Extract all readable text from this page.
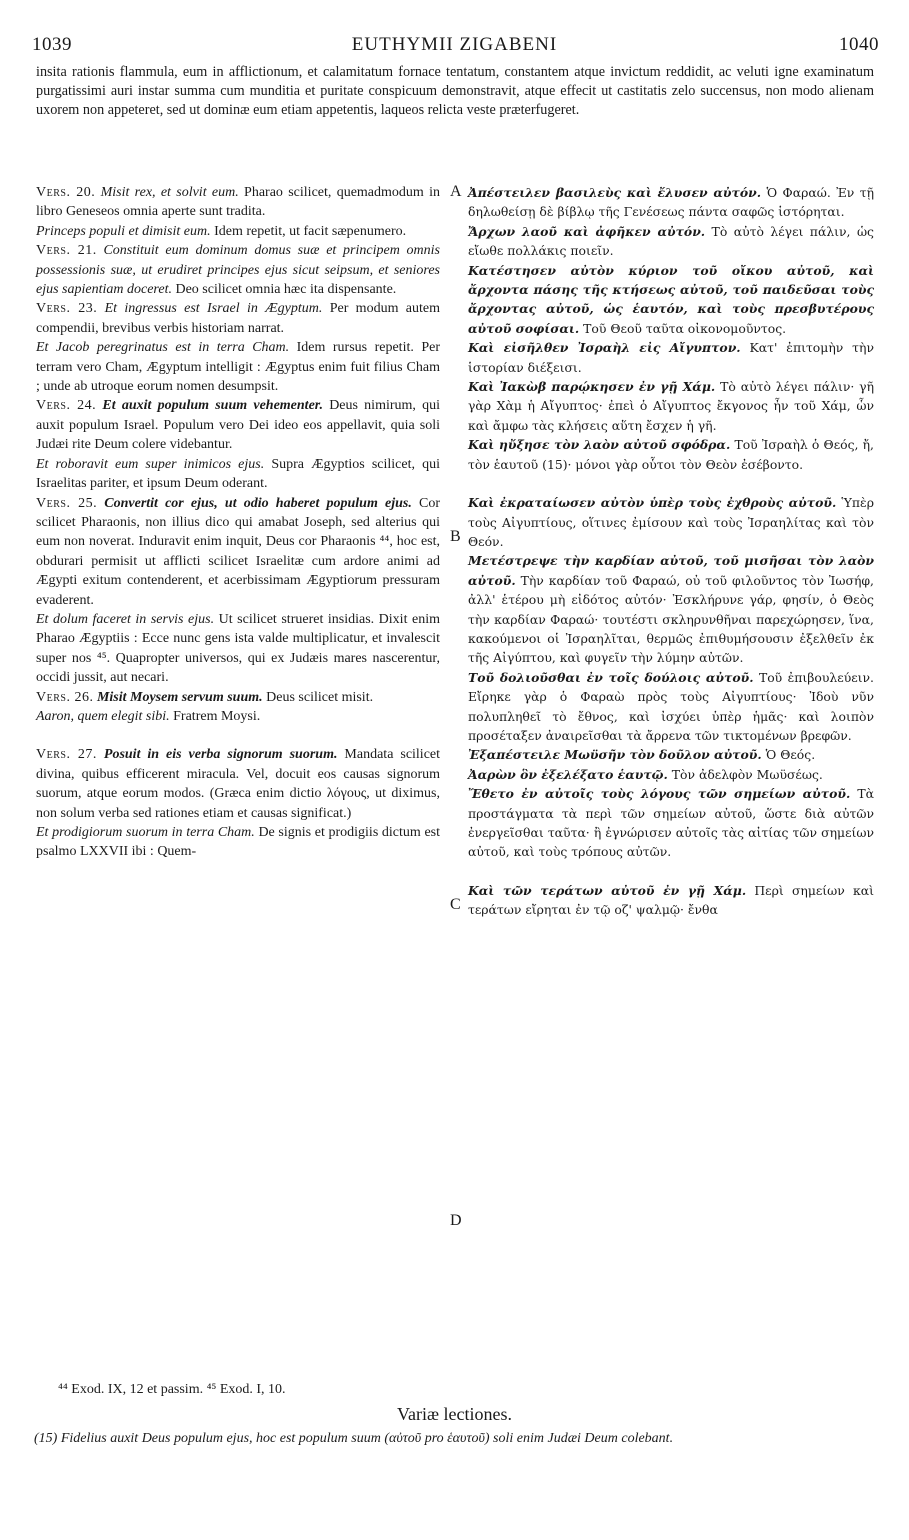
1039	EUTHYMII ZIGABENI	1040

insita rationis flammula, eum in afflictionum, et calamitatum fornace tentatum, constantem atque invictum reddidit, ac veluti igne examinatum purgatissimi auri instar summa cum munditia et puritate conspicuum demonstravit, atque effecit ut castitatis zelo succensus, non modo alienam uxorem non appeteret, sed ut dominæ eum etiam appetentis, laqueos relicta veste præterfugeret.

Vers. 20. Misit rex, et solvit eum. Pharao scilicet, quemadmodum in libro Geneseos omnia aperte sunt tradita.

Princeps populi et dimisit eum. Idem repetit, ut facit sæpenumero.

Vers. 21. Constituit eum dominum domus suæ et principem omnis possessionis suæ, ut erudiret principes ejus sicut seipsum, et seniores ejus sapientiam doceret. Deo scilicet omnia hæc ita dispensante.

Vers. 23. Et ingressus est Israel in Ægyptum. Per modum autem compendii, brevibus verbis historiam narrat.

Et Jacob peregrinatus est in terra Cham. Idem rursus repetit. Per terram vero Cham, Ægyptum intelligit : Ægyptus enim fuit filius Cham ; unde ab utroque eorum nomen desumpsit.

Vers. 24. Et auxit populum suum vehementer. Deus nimirum, qui auxit populum Israel. Populum vero Dei ideo eos appellavit, quia soli Judæi rite Deum colere videbantur.

Et roboravit eum super inimicos ejus. Supra Ægyptios scilicet, qui Israelitas pariter, et ipsum Deum oderant.

Vers. 25. Convertit cor ejus, ut odio haberet populum ejus. Cor scilicet Pharaonis, non illius dico qui amabat Joseph, sed alterius qui eum non noverat. Induravit enim inquit, Deus cor Pharaonis ⁴⁴, hoc est, obdurari permisit ut afflicti scilicet Israelitæ cum ardore animi ad Ægypti exitum contenderent, et acerbissimam Ægyptiorum pressuram evaderent.

Et dolum faceret in servis ejus. Ut scilicet strueret insidias. Dixit enim Pharao Ægyptiis : Ecce nunc gens ista valde multiplicatur, et invalescit super nos ⁴⁵. Quapropter universos, qui ex Judæis mares nascerentur, occidi jussit, aut necari.

Vers. 26. Misit Moysem servum suum. Deus scilicet misit.

Aaron, quem elegit sibi. Fratrem Moysi.

Vers. 27. Posuit in eis verba signorum suorum. Mandata scilicet divina, quibus efficerent miracula. Vel, docuit eos causas signorum suorum, atque eorum modos. (Græca enim dictio λόγους, ut diximus, non solum verba sed rationes etiam et causas significat.)

Et prodigiorum suorum in terra Cham. De signis et prodigiis dictum est psalmo LXXVII ibi : Quem-

Ἀπέστειλεν βασιλεὺς καὶ ἔλυσεν αὐτόν. Ὁ Φαραώ. Ἐν τῇ δηλωθείσῃ δὲ βίβλῳ τῆς Γενέσεως πάντα σαφῶς ἱστόρηται.

Ἄρχων λαοῦ καὶ ἀφῆκεν αὐτόν. Τὸ αὐτὸ λέγει πάλιν, ὡς εἴωθε πολλάκις ποιεῖν.

Κατέστησεν αὐτὸν κύριον τοῦ οἴκου αὐτοῦ, καὶ ἄρχοντα πάσης τῆς κτήσεως αὐτοῦ, τοῦ παιδεῦσαι τοὺς ἄρχοντας αὐτοῦ, ὡς ἑαυτόν, καὶ τοὺς πρεσβυτέρους αὐτοῦ σοφίσαι. Τοῦ Θεοῦ ταῦτα οἰκονομοῦντος.

Καὶ εἰσῆλθεν Ἰσραὴλ εἰς Αἴγυπτον. Κατ' ἐπιτομὴν τὴν ἱστορίαν διέξεισι.

Καὶ Ἰακὼβ παρῴκησεν ἐν γῇ Χάμ. Τὸ αὐτὸ λέγει πάλιν· γῆ γὰρ Χὰμ ἡ Αἴγυπτος· ἐπεὶ ὁ Αἴγυπτος ἔκγονος ἦν τοῦ Χάμ, ὧν καὶ ἄμφω τὰς κλήσεις αὕτη ἔσχεν ἡ γῆ.

Καὶ ηὔξησε τὸν λαὸν αὐτοῦ σφόδρα. Τοῦ Ἰσραὴλ ὁ Θεός, ἤ, τὸν ἑαυτοῦ (15)· μόνοι γὰρ οὗτοι τὸν Θεὸν ἐσέβοντο.

Καὶ ἐκραταίωσεν αὐτὸν ὑπὲρ τοὺς ἐχθροὺς αὐτοῦ. Ὑπὲρ τοὺς Αἰγυπτίους, οἵτινες ἐμίσουν καὶ τοὺς Ἰσραηλίτας καὶ τὸν Θεόν.

Μετέστρεψε τὴν καρδίαν αὐτοῦ, τοῦ μισῆσαι τὸν λαὸν αὐτοῦ. Τὴν καρδίαν τοῦ Φαραώ, οὐ τοῦ φιλοῦντος τὸν Ἰωσήφ, ἀλλ' ἑτέρου μὴ εἰδότος αὐτόν· Ἐσκλήρυνε γάρ, φησίν, ὁ Θεὸς τὴν καρδίαν Φαραώ· τουτέστι σκληρυνθῆναι παρεχώρησεν, ἵνα, κακούμενοι οἱ Ἰσραηλῖται, θερμῶς ἐπιθυμήσουσιν ἐξελθεῖν ἐκ τῆς Αἰγύπτου, καὶ φυγεῖν τὴν λύμην αὐτῶν.

Τοῦ δολιοῦσθαι ἐν τοῖς δούλοις αὐτοῦ. Τοῦ ἐπιβουλεύειν. Εἴρηκε γὰρ ὁ Φαραὼ πρὸς τοὺς Αἰγυπτίους· Ἰδοὺ νῦν πολυπληθεῖ τὸ ἔθνος, καὶ ἰσχύει ὑπὲρ ἡμᾶς· καὶ λοιπὸν προσέταξεν ἀναιρεῖσθαι τὰ ἄρρενα τῶν τικτομένων βρεφῶν.

Ἐξαπέστειλε Μωϋσῆν τὸν δοῦλον αὐτοῦ. Ὁ Θεός.

Ἀαρὼν ὃν ἐξελέξατο ἑαυτῷ. Τὸν ἀδελφὸν Μωϋσέως.

Ἔθετο ἐν αὐτοῖς τοὺς λόγους τῶν σημείων αὐτοῦ. Τὰ προστάγματα τὰ περὶ τῶν σημείων αὐτοῦ, ὥστε διὰ αὐτῶν ἐνεργεῖσθαι ταῦτα· ἢ ἐγνώρισεν αὐτοῖς τὰς αἰτίας τῶν σημείων αὐτοῦ, καὶ τοὺς τρόπους αὐτῶν.

Καὶ τῶν τεράτων αὐτοῦ ἐν γῇ Χάμ. Περὶ σημείων καὶ τεράτων εἴρηται ἐν τῷ οζ' ψαλμῷ· ἔνθα

A
B
C
D
⁴⁴ Exod. IX, 12 et passim. ⁴⁵ Exod. I, 10.
Variæ lectiones.

(15) Fidelius auxit Deus populum ejus, hoc est populum suum (αὐτοῦ pro ἑαυτοῦ) soli enim Judæi Deum colebant.
